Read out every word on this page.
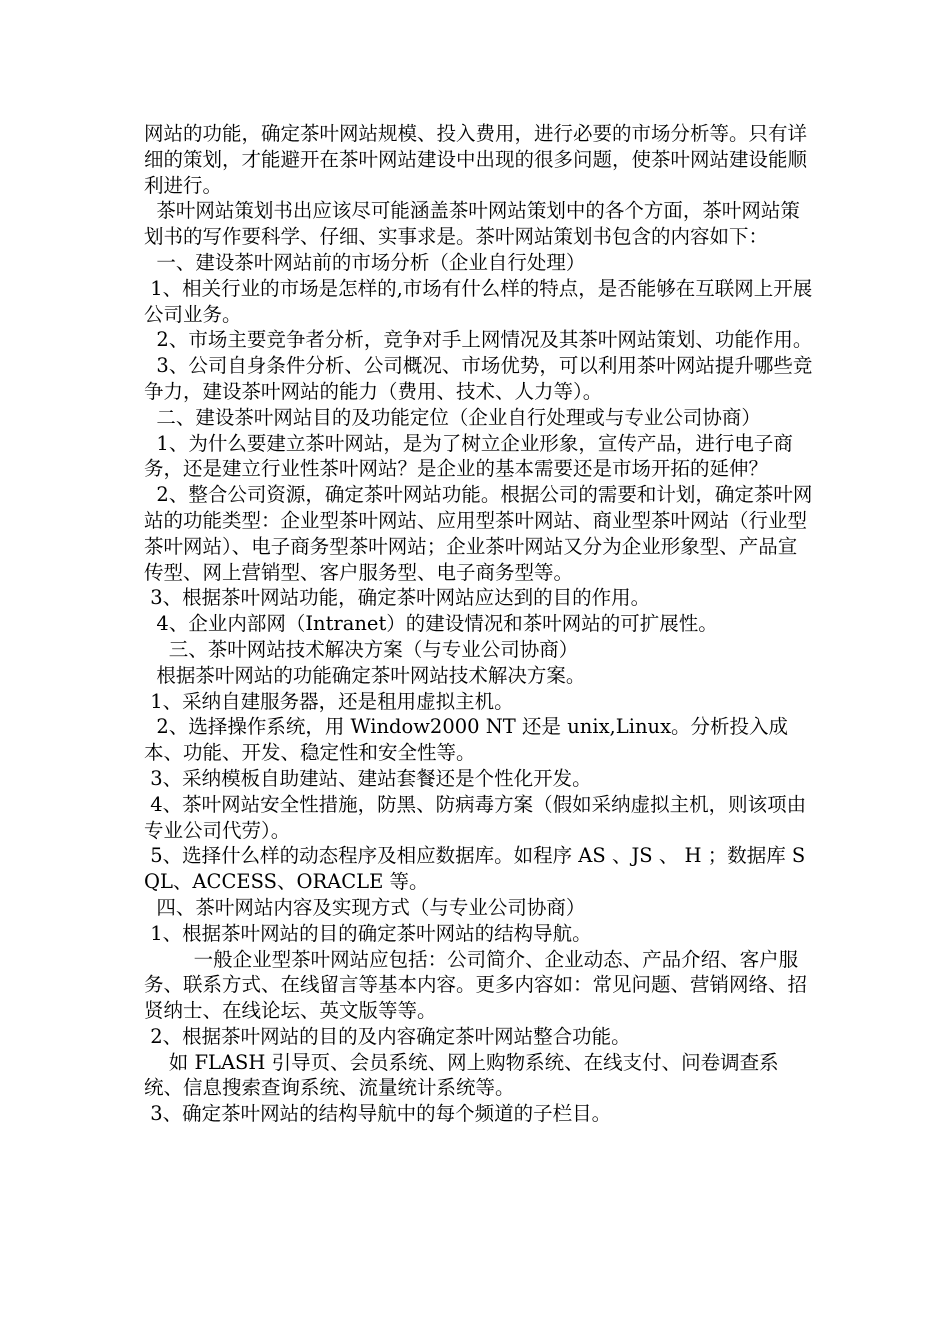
网站的功能，确定茶叶网站规模、投入费用，进行必要的市场分析等。只有详细的策划，才能避开在茶叶网站建设中出现的很多问题，使茶叶网站建设能顺利进行。

茶叶网站策划书出应该尽可能涵盖茶叶网站策划中的各个方面，茶叶网站策划书的写作要科学、仔细、实事求是。茶叶网站策划书包含的内容如下：

一、建设茶叶网站前的市场分析（企业自行处理）

1、相关行业的市场是怎样的,市场有什么样的特点，是否能够在互联网上开展公司业务。

2、市场主要竞争者分析，竞争对手上网情况及其茶叶网站策划、功能作用。

3、公司自身条件分析、公司概况、市场优势，可以利用茶叶网站提升哪些竞争力，建设茶叶网站的能力（费用、技术、人力等）。

二、建设茶叶网站目的及功能定位（企业自行处理或与专业公司协商）

1、为什么要建立茶叶网站，是为了树立企业形象，宣传产品，进行电子商务，还是建立行业性茶叶网站？是企业的基本需要还是市场开拓的延伸？

2、整合公司资源，确定茶叶网站功能。根据公司的需要和计划，确定茶叶网站的功能类型：企业型茶叶网站、应用型茶叶网站、商业型茶叶网站（行业型茶叶网站）、电子商务型茶叶网站；企业茶叶网站又分为企业形象型、产品宣传型、网上营销型、客户服务型、电子商务型等。

3、根据茶叶网站功能，确定茶叶网站应达到的目的作用。

4、企业内部网（Intranet）的建设情况和茶叶网站的可扩展性。

三、茶叶网站技术解决方案（与专业公司协商）

根据茶叶网站的功能确定茶叶网站技术解决方案。

1、采纳自建服务器，还是租用虚拟主机。

2、选择操作系统，用 Window2000 NT 还是 unix,Linux。分析投入成本、功能、开发、稳定性和安全性等。

3、采纳模板自助建站、建站套餐还是个性化开发。

4、茶叶网站安全性措施，防黑、防病毒方案（假如采纳虚拟主机，则该项由专业公司代劳）。

5、选择什么样的动态程序及相应数据库。如程序 AS 、JS 、 H ；数据库 SQL、ACCESS、ORACLE 等。

四、茶叶网站内容及实现方式（与专业公司协商）

1、根据茶叶网站的目的确定茶叶网站的结构导航。

一般企业型茶叶网站应包括：公司简介、企业动态、产品介绍、客户服务、联系方式、在线留言等基本内容。更多内容如：常见问题、营销网络、招贤纳士、在线论坛、英文版等等。

2、根据茶叶网站的目的及内容确定茶叶网站整合功能。

如 FLASH 引导页、会员系统、网上购物系统、在线支付、问卷调查系统、信息搜索查询系统、流量统计系统等。

3、确定茶叶网站的结构导航中的每个频道的子栏目。
